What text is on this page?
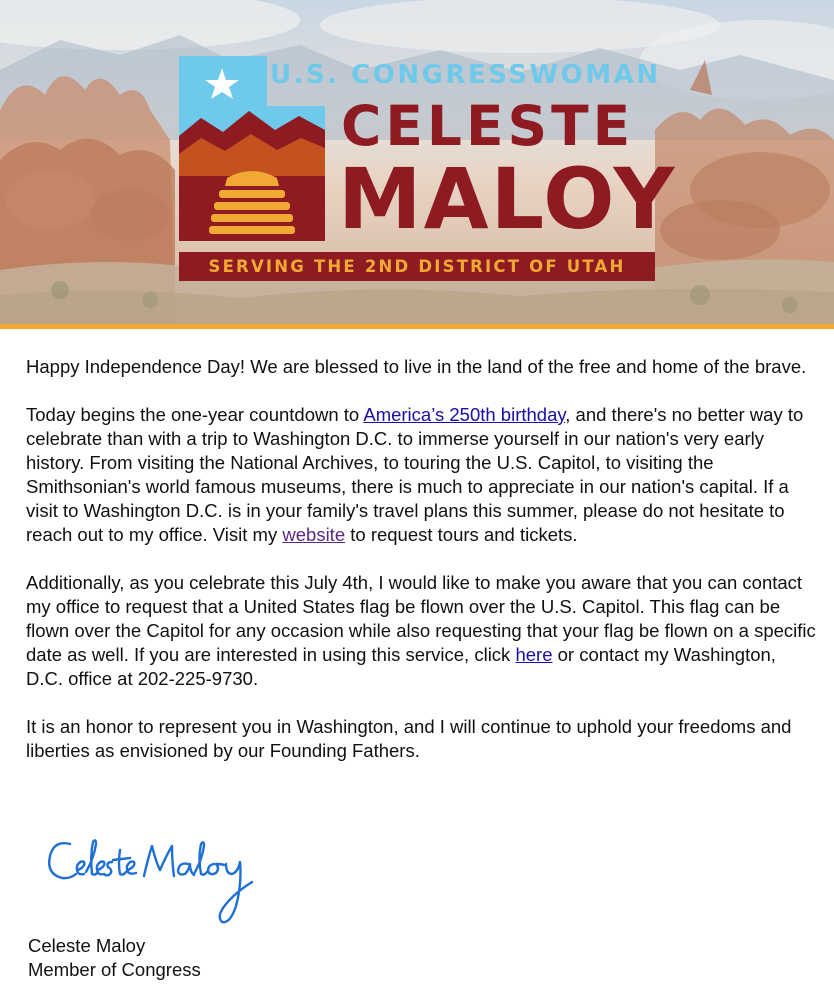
U.S. CONGRESSWOMAN
CELESTE
MALOY
SERVING THE 2ND DISTRICT OF UTAH

Happy Independence Day! We are blessed to live in the land of the free and home of the brave.

Today begins the one-year countdown to America’s 250th birthday, and there's no better way to celebrate than with a trip to Washington D.C. to immerse yourself in our nation's very early history. From visiting the National Archives, to touring the U.S. Capitol, to visiting the Smithsonian's world famous museums, there is much to appreciate in our nation's capital. If a visit to Washington D.C. is in your family's travel plans this summer, please do not hesitate to reach out to my office. Visit my website to request tours and tickets.

Additionally, as you celebrate this July 4th, I would like to make you aware that you can contact my office to request that a United States flag be flown over the U.S. Capitol. This flag can be flown over the Capitol for any occasion while also requesting that your flag be flown on a specific date as well. If you are interested in using this service, click here or contact my Washington, D.C. office at 202-225-9730.

It is an honor to represent you in Washington, and I will continue to uphold your freedoms and liberties as envisioned by our Founding Fathers.

Celeste Maloy
Member of Congress
